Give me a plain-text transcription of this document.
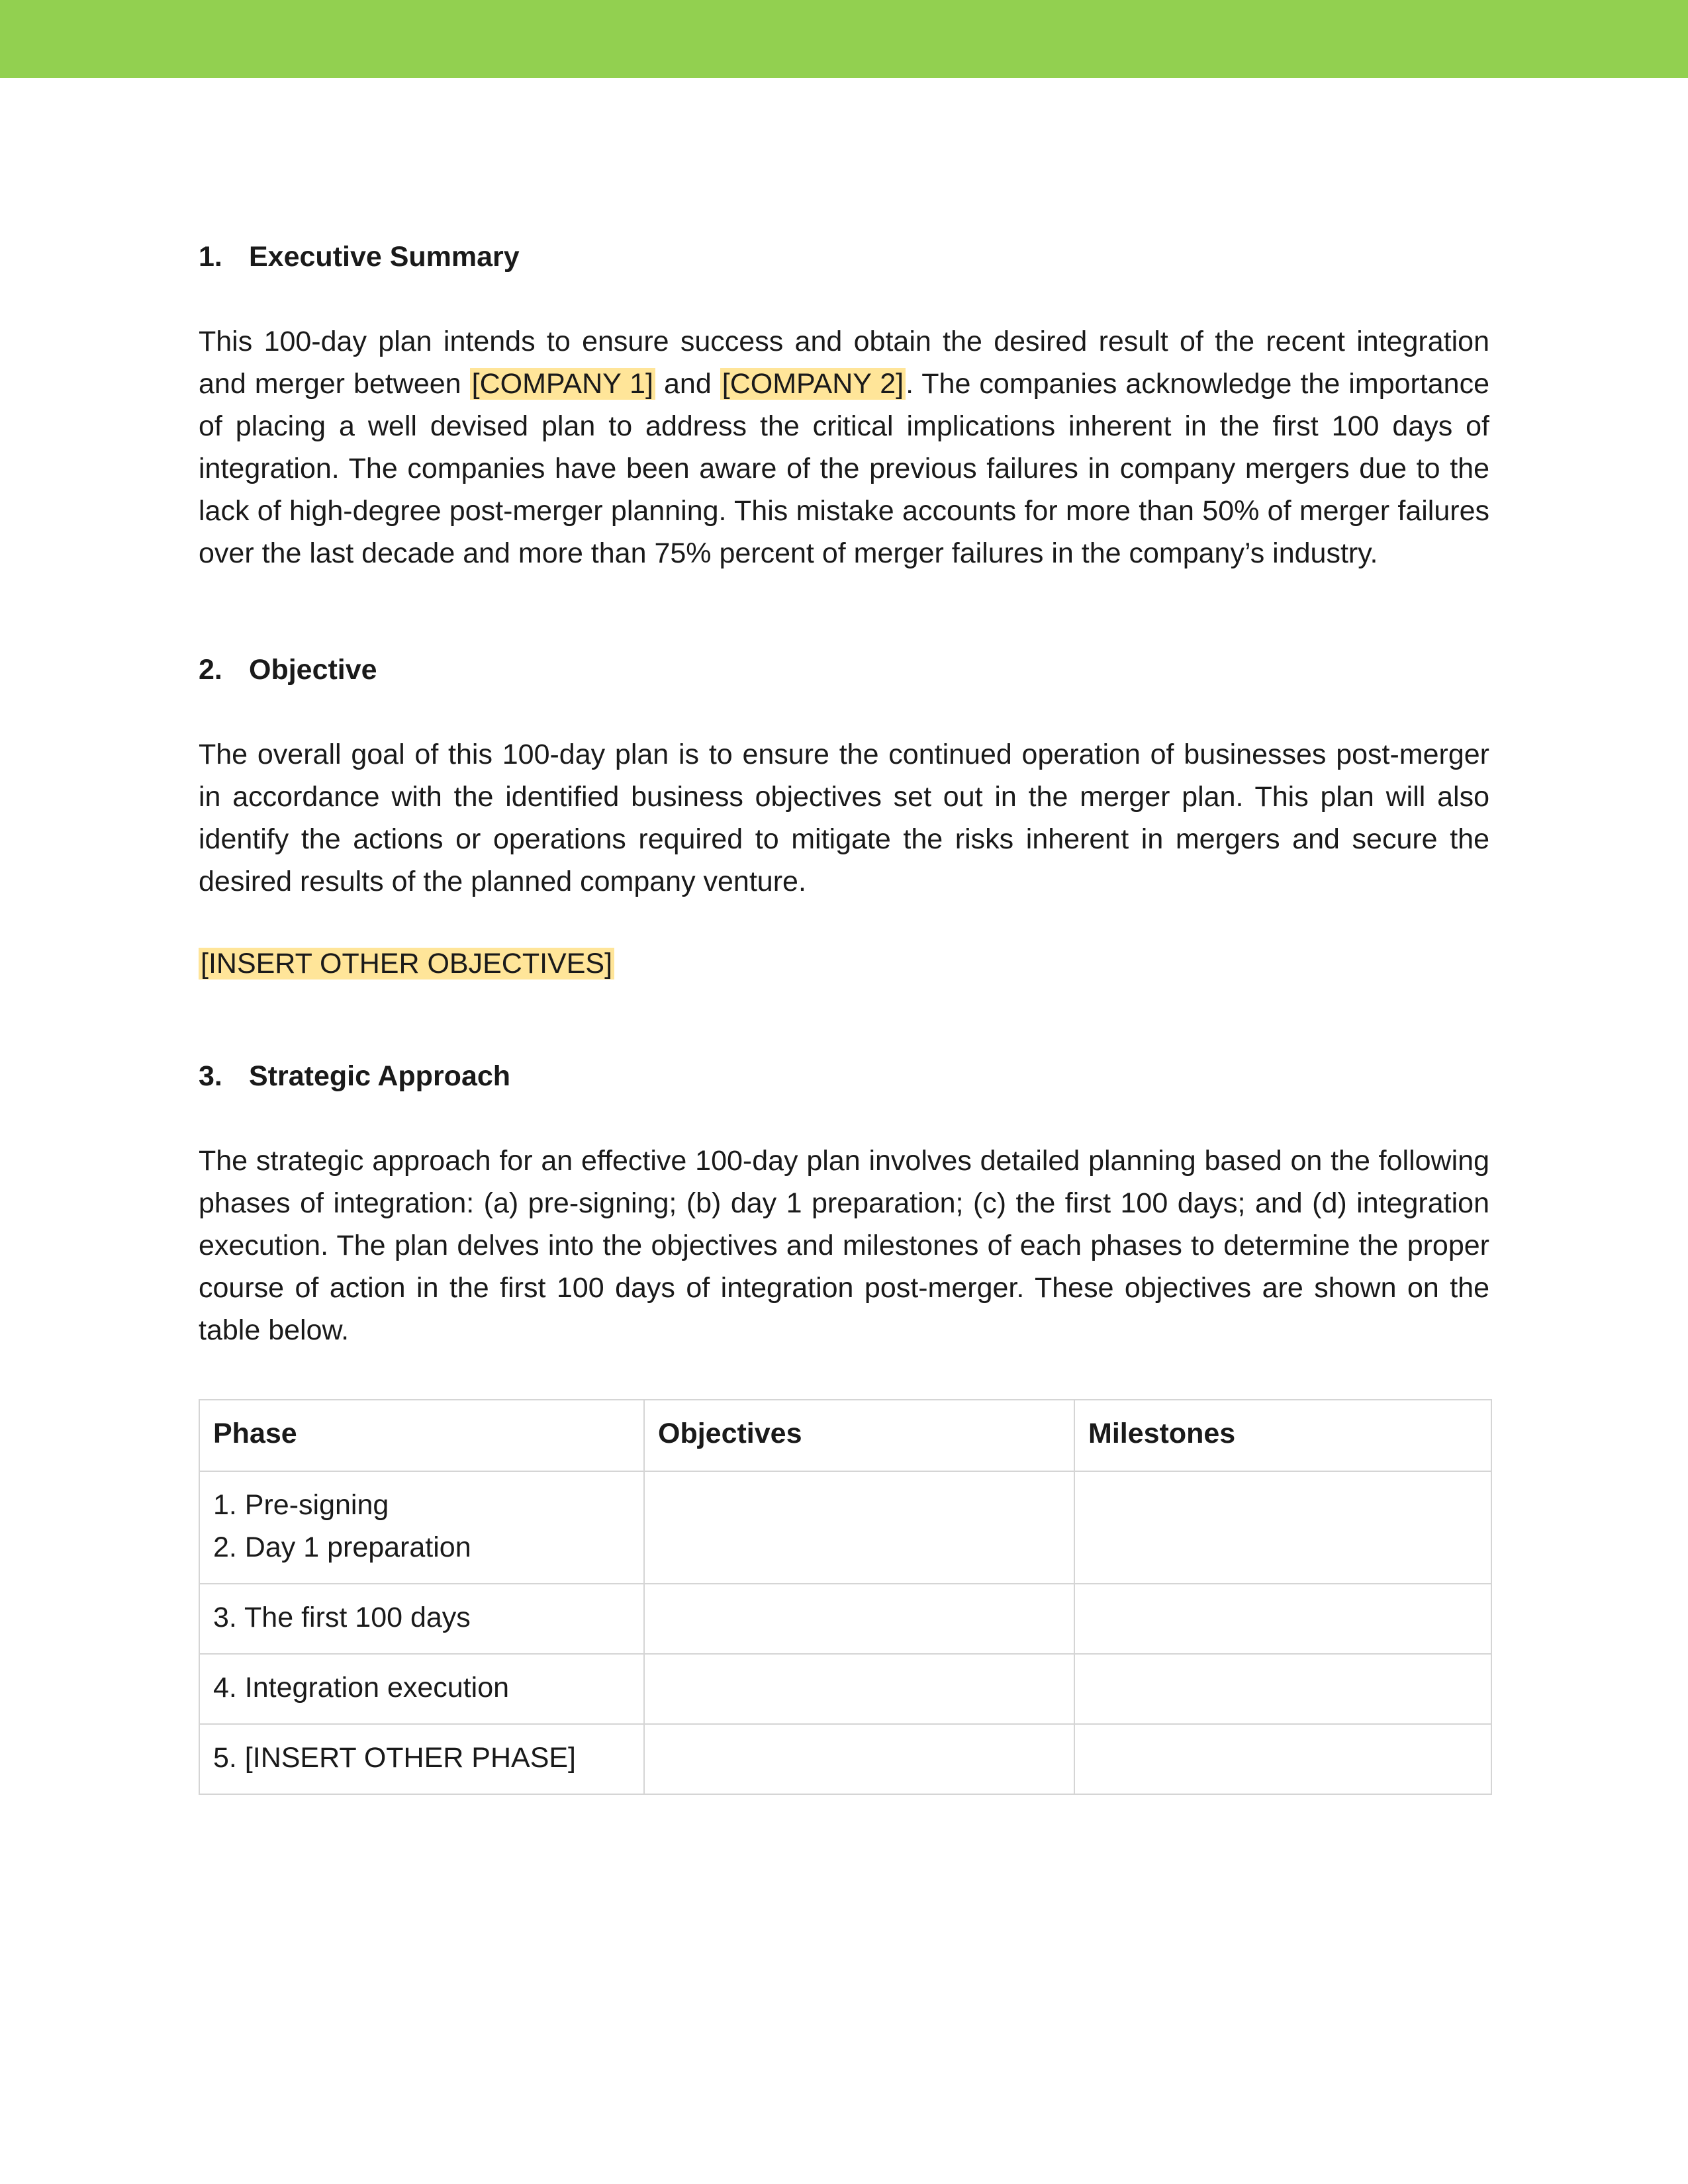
1. Executive Summary

This 100-day plan intends to ensure success and obtain the desired result of the recent integration and merger between [COMPANY 1] and [COMPANY 2]. The companies acknowledge the importance of placing a well devised plan to address the critical implications inherent in the first 100 days of integration. The companies have been aware of the previous failures in company mergers due to the lack of high-degree post-merger planning. This mistake accounts for more than 50% of merger failures over the last decade and more than 75% percent of merger failures in the company’s industry.

2. Objective

The overall goal of this 100-day plan is to ensure the continued operation of businesses post-merger in accordance with the identified business objectives set out in the merger plan. This plan will also identify the actions or operations required to mitigate the risks inherent in mergers and secure the desired results of the planned company venture.

[INSERT OTHER OBJECTIVES]

3. Strategic Approach

The strategic approach for an effective 100-day plan involves detailed planning based on the following phases of integration: (a) pre-signing; (b) day 1 preparation; (c) the first 100 days; and (d) integration execution. The plan delves into the objectives and milestones of each phases to determine the proper course of action in the first 100 days of integration post-merger. These objectives are shown on the table below.

Phase	Objectives	Milestones

1. Pre-signing
2. Day 1 preparation		

3. The first 100 days		

4. Integration execution		

5. [INSERT OTHER PHASE]		
